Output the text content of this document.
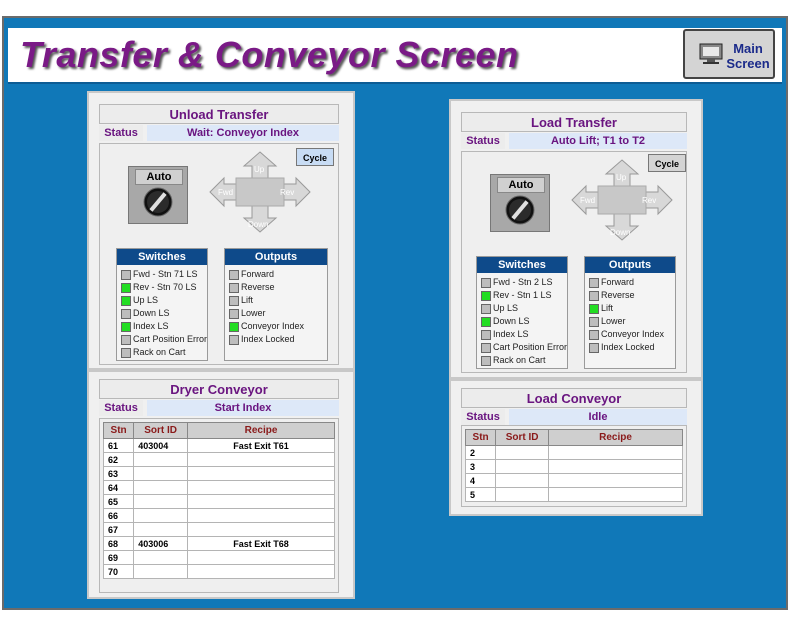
Transfer & Conveyor Screen	Main
Screen
Unload Transfer
Status	Wait: Conveyor Index
Auto
Up
Fwd	Rev
Down
Cycle
Switches
Fwd - Stn 71 LS
Rev - Stn 70 LS
Up LS
Down LS
Index LS
Cart Position Error
Rack on Cart
Outputs
Forward
Reverse
Lift
Lower
Conveyor Index
Index Locked
Dryer Conveyor
Status	Start Index
Stn	Sort ID	Recipe
61	403004	Fast Exit T61
62		
63		
64		
65		
66		
67		
68	403006	Fast Exit T68
69		
70		
Load Transfer
Status	Auto Lift; T1 to T2
Auto
Up
Fwd	Rev
Down
Cycle
Switches
Fwd - Stn 2 LS
Rev - Stn 1 LS
Up LS
Down LS
Index LS
Cart Position Error
Rack on Cart
Outputs
Forward
Reverse
Lift
Lower
Conveyor Index
Index Locked
Load Conveyor
Status	Idle
Stn	Sort ID	Recipe
2		
3		
4		
5		
